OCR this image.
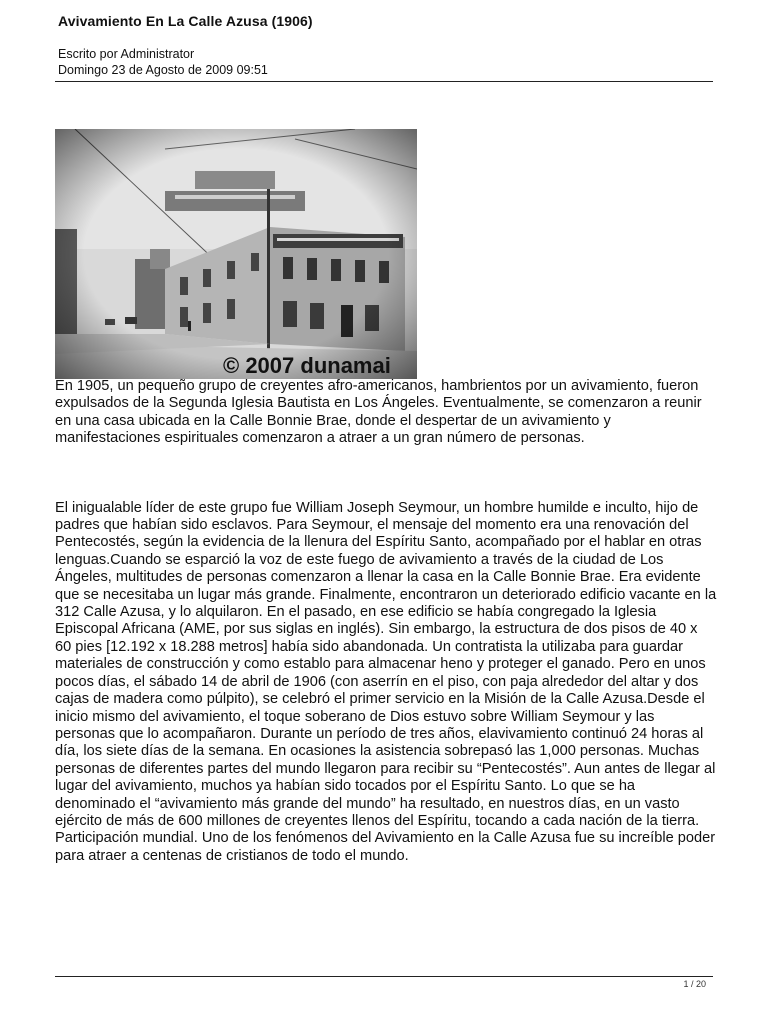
Avivamiento En La Calle Azusa (1906)
Escrito por Administrator
Domingo 23 de Agosto de 2009 09:51
© 2007 dunamai

En 1905, un pequeño grupo de creyentes afro-americanos, hambrientos por un avivamiento, fueron expulsados de la Segunda Iglesia Bautista en Los Ángeles. Eventualmente, se comenzaron a reunir en una casa ubicada en la Calle Bonnie Brae, donde el despertar de un avivamiento y manifestaciones espirituales comenzaron a atraer a un gran número de personas.

El inigualable líder de este grupo fue William Joseph Seymour, un hombre humilde e inculto, hijo de padres que habían sido esclavos. Para Seymour, el mensaje del momento era una renovación del Pentecostés, según la evidencia de la llenura del Espíritu Santo, acompañado por el hablar en otras lenguas.Cuando se esparció la voz de este fuego de avivamiento a través de la ciudad de Los Ángeles, multitudes de personas comenzaron a llenar la casa en la Calle Bonnie Brae. Era evidente que se necesitaba un lugar más grande. Finalmente, encontraron un deteriorado edificio vacante en la 312 Calle Azusa, y lo alquilaron. En el pasado, en ese edificio se había congregado la Iglesia Episcopal Africana (AME, por sus siglas en inglés). Sin embargo, la estructura de dos pisos de 40 x 60 pies [12.192 x 18.288 metros] había sido abandonada. Un contratista la utilizaba para guardar materiales de construcción y como establo para almacenar heno y proteger el ganado. Pero en unos pocos días, el sábado 14 de abril de 1906 (con aserrín en el piso, con paja alrededor del altar y dos cajas de madera como púlpito), se celebró el primer servicio en la Misión de la Calle Azusa.Desde el inicio mismo del avivamiento, el toque soberano de Dios estuvo sobre William Seymour y las personas que lo acompañaron. Durante un período de tres años, elavivamiento continuó 24 horas al día, los siete días de la semana. En ocasiones la asistencia sobrepasó las 1,000 personas. Muchas personas de diferentes partes del mundo llegaron para recibir su “Pentecostés”. Aun antes de llegar al lugar del avivamiento, muchos ya habían sido tocados por el Espíritu Santo. Lo que se ha denominado el “avivamiento más grande del mundo” ha resultado, en nuestros días, en un vasto ejército de más de 600 millones de creyentes llenos del Espíritu, tocando a cada nación de la tierra. Participación mundial. Uno de los fenómenos del Avivamiento en la Calle Azusa fue su increíble poder para atraer a centenas de cristianos de todo el mundo.

1 / 20
